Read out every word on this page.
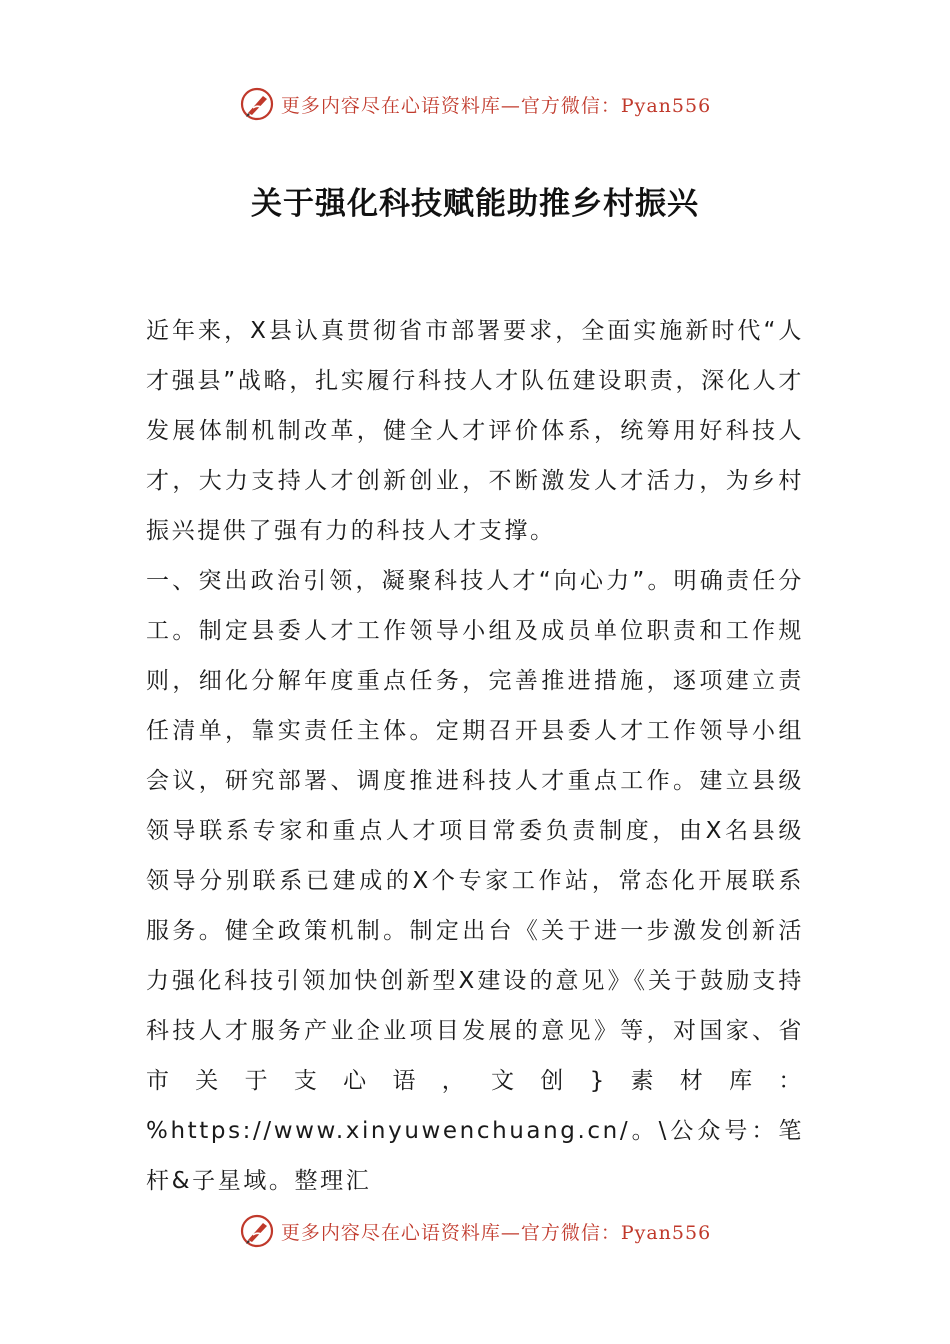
更多内容尽在心语资料库—官方微信：Pyan556
关于强化科技赋能助推乡村振兴

近年来，X县认真贯彻省市部署要求，全面实施新时代“人才强县”战略，扎实履行科技人才队伍建设职责，深化人才发展体制机制改革，健全人才评价体系，统筹用好科技人才，大力支持人才创新创业，不断激发人才活力，为乡村振兴提供了强有力的科技人才支撑。

一、突出政治引领，凝聚科技人才“向心力”。明确责任分工。制定县委人才工作领导小组及成员单位职责和工作规则，细化分解年度重点任务，完善推进措施，逐项建立责任清单，靠实责任主体。定期召开县委人才工作领导小组会议，研究部署、调度推进科技人才重点工作。建立县级领导联系专家和重点人才项目常委负责制度，由X名县级领导分别联系已建成的X个专家工作站，常态化开展联系服务。健全政策机制。制定出台《关于进一步激发创新活力强化科技引领加快创新型X建设的意见》《关于鼓励支持科技人才服务产业企业项目发展的意见》等，对国家、省市关于支心语，文创}素材库：%https://www.xinyuwenchuang.cn/。\公众号：笔杆&子星域。整理汇

更多内容尽在心语资料库—官方微信：Pyan556
